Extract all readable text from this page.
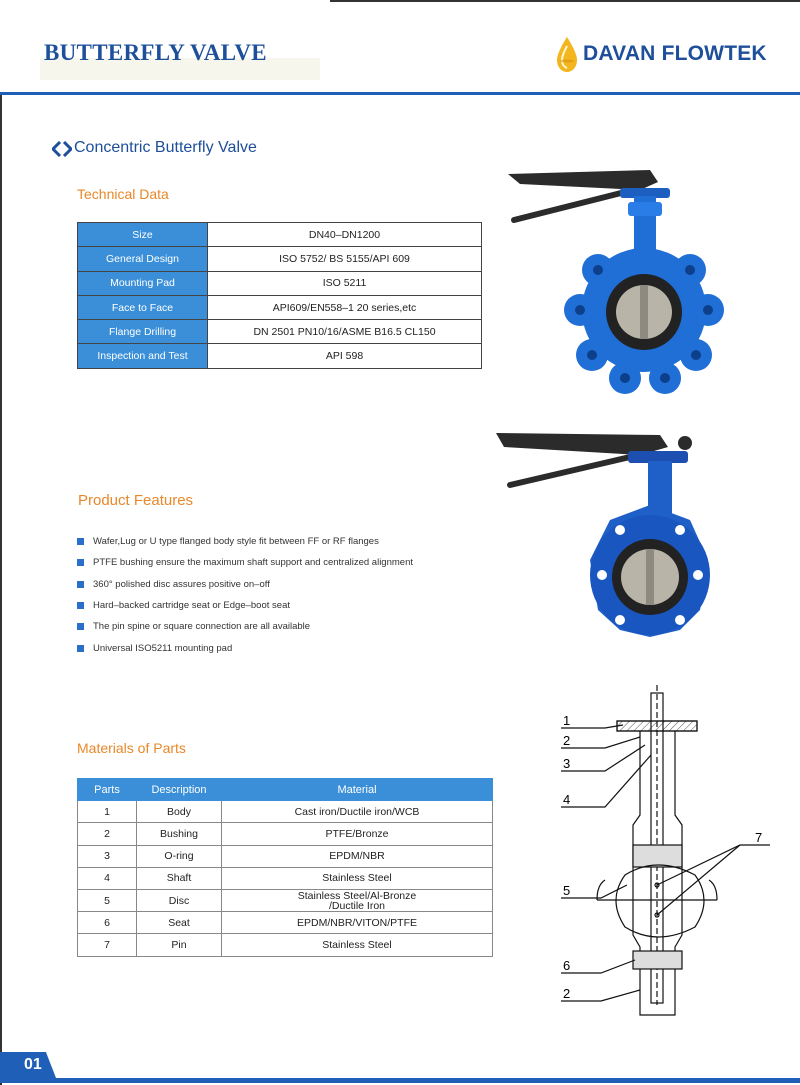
BUTTERFLY VALVE	DAVAN FLOWTEK
Concentric Butterfly Valve
Technical Data
Size	DN40–DN1200
General Design	ISO 5752/ BS 5155/API 609
Mounting Pad	ISO 5211
Face to Face	API609/EN558–1 20 series,etc
Flange Drilling	DN 2501 PN10/16/ASME B16.5 CL150
Inspection and Test	API 598
Product Features
Wafer,Lug or U type flanged body style fit between FF or RF flanges
PTFE bushing ensure the maximum shaft support and centralized alignment
360° polished disc assures positive on–off
Hard–backed cartridge seat or Edge–boot seat
The pin spine or square connection are all available
Universal ISO5211 mounting pad
Materials of Parts
Parts	Description	Material
1	Body	Cast iron/Ductile iron/WCB
2	Bushing	PTFE/Bronze
3	O-ring	EPDM/NBR
4	Shaft	Stainless Steel
5	Disc	Stainless Steel/Al-Bronze /Ductile Iron
6	Seat	EPDM/NBR/VITON/PTFE
7	Pin	Stainless Steel
1
2
3
4
7
5
6
2
01
